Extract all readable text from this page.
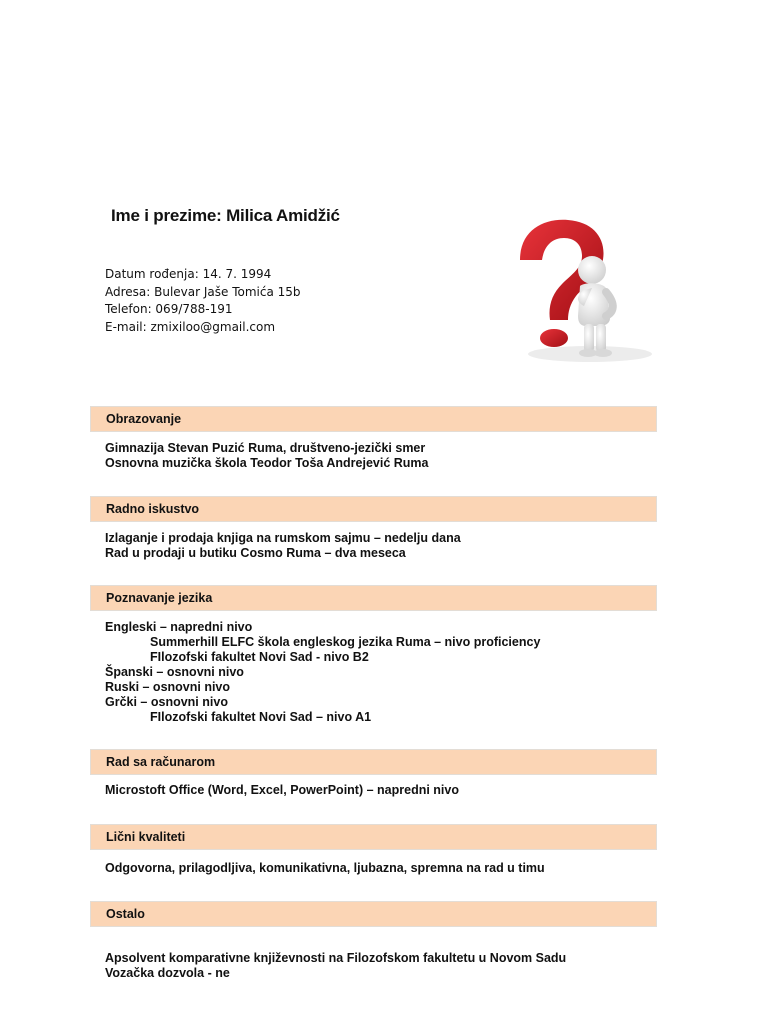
Ime i prezime: Milica Amidžić
Datum rođenja: 14. 7. 1994
Adresa: Bulevar Jaše Tomića 15b
Telefon: 069/788-191
E-mail: zmixiloo@gmail.com
Obrazovanje
Gimnazija Stevan Puzić Ruma, društveno-jezički smer
Osnovna muzička škola Teodor Toša Andrejević Ruma
Radno iskustvo
Izlaganje i prodaja knjiga na rumskom sajmu – nedelju dana
Rad u prodaji u butiku Cosmo Ruma – dva meseca
Poznavanje jezika
Engleski – napredni nivo
Summerhill ELFC škola engleskog jezika Ruma – nivo proficiency
FIlozofski fakultet Novi Sad - nivo B2
Španski – osnovni nivo
Ruski – osnovni nivo
Grčki – osnovni nivo
FIlozofski fakultet Novi Sad – nivo A1
Rad sa računarom
Microstoft Office (Word, Excel, PowerPoint) – napredni nivo
Lični kvaliteti
Odgovorna, prilagodljiva, komunikativna, ljubazna, spremna na rad u timu
Ostalo
Apsolvent komparativne književnosti na Filozofskom fakultetu u Novom Sadu
Vozačka dozvola - ne
